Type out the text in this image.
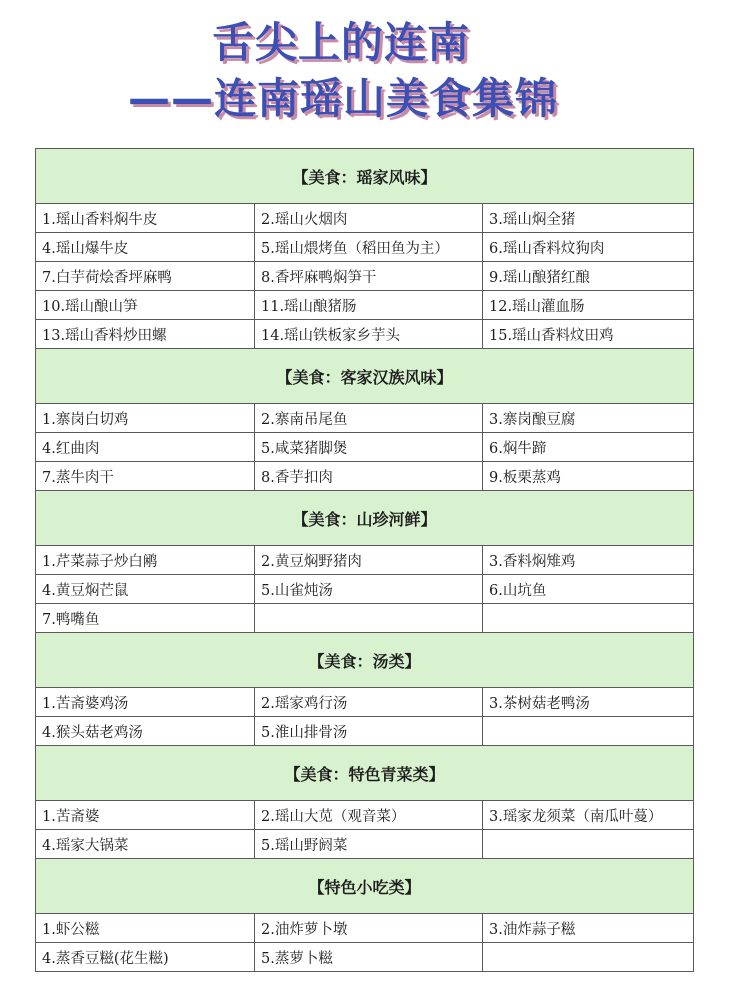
舌尖上的连南
——连南瑶山美食集锦
【美食：瑶家风味】		
1.瑶山香料焖牛皮	2.瑶山火烟肉	3.瑶山焖全猪
4.瑶山爆牛皮	5.瑶山煨烤鱼（稻田鱼为主）	6.瑶山香料炆狗肉
7.白芋荷烩香坪麻鸭	8.香坪麻鸭焖笋干	9.瑶山酿猪红酿
10.瑶山酿山笋	11.瑶山酿猪肠	12.瑶山灌血肠
13.瑶山香料炒田螺	14.瑶山铁板家乡芋头	15.瑶山香料炆田鸡
【美食：客家汉族风味】		
1.寨岗白切鸡	2.寨南吊尾鱼	3.寨岗酿豆腐
4.红曲肉	5.咸菜猪脚煲	6.焖牛蹄
7.蒸牛肉干	8.香芋扣肉	9.板栗蒸鸡
【美食：山珍河鲜】		
1.芹菜蒜子炒白鹇	2.黄豆焖野猪肉	3.香料焖雉鸡
4.黄豆焖芒鼠	5.山雀炖汤	6.山坑鱼
7.鸭嘴鱼		
【美食：汤类】		
1.苦斋婆鸡汤	2.瑶家鸡行汤	3.茶树菇老鸭汤
4.猴头菇老鸡汤	5.淮山排骨汤	
【美食：特色青菜类】		
1.苦斋婆	2.瑶山大苋（观音菜）	3.瑶家龙须菜（南瓜叶蔓）
4.瑶家大锅菜	5.瑶山野阏菜	
【特色小吃类】		
1.虾公糍	2.油炸萝卜墩	3.油炸蒜子糍
4.蒸香豆糍(花生糍)	5.蒸萝卜糍	
